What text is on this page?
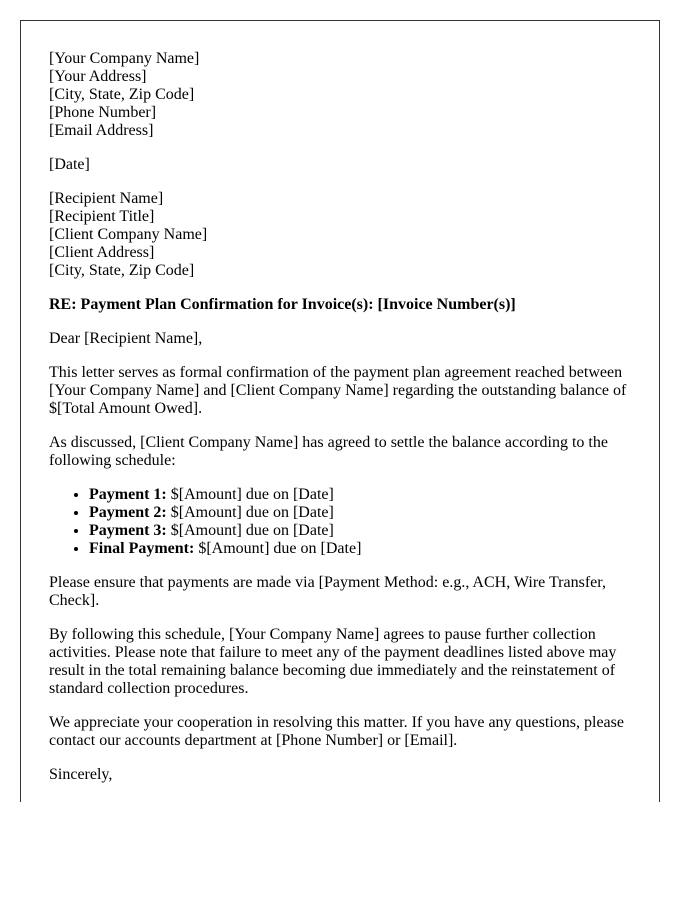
[Your Company Name]
[Your Address]
[City, State, Zip Code]
[Phone Number]
[Email Address]

[Date]

[Recipient Name]
[Recipient Title]
[Client Company Name]
[Client Address]
[City, State, Zip Code]

RE: Payment Plan Confirmation for Invoice(s): [Invoice Number(s)]

Dear [Recipient Name],

This letter serves as formal confirmation of the payment plan agreement reached between [Your Company Name] and [Client Company Name] regarding the outstanding balance of $[Total Amount Owed].

As discussed, [Client Company Name] has agreed to settle the balance according to the following schedule:

• Payment 1: $[Amount] due on [Date]
• Payment 2: $[Amount] due on [Date]
• Payment 3: $[Amount] due on [Date]
• Final Payment: $[Amount] due on [Date]

Please ensure that payments are made via [Payment Method: e.g., ACH, Wire Transfer, Check].

By following this schedule, [Your Company Name] agrees to pause further collection activities. Please note that failure to meet any of the payment deadlines listed above may result in the total remaining balance becoming due immediately and the reinstatement of standard collection procedures.

We appreciate your cooperation in resolving this matter. If you have any questions, please contact our accounts department at [Phone Number] or [Email].

Sincerely,
